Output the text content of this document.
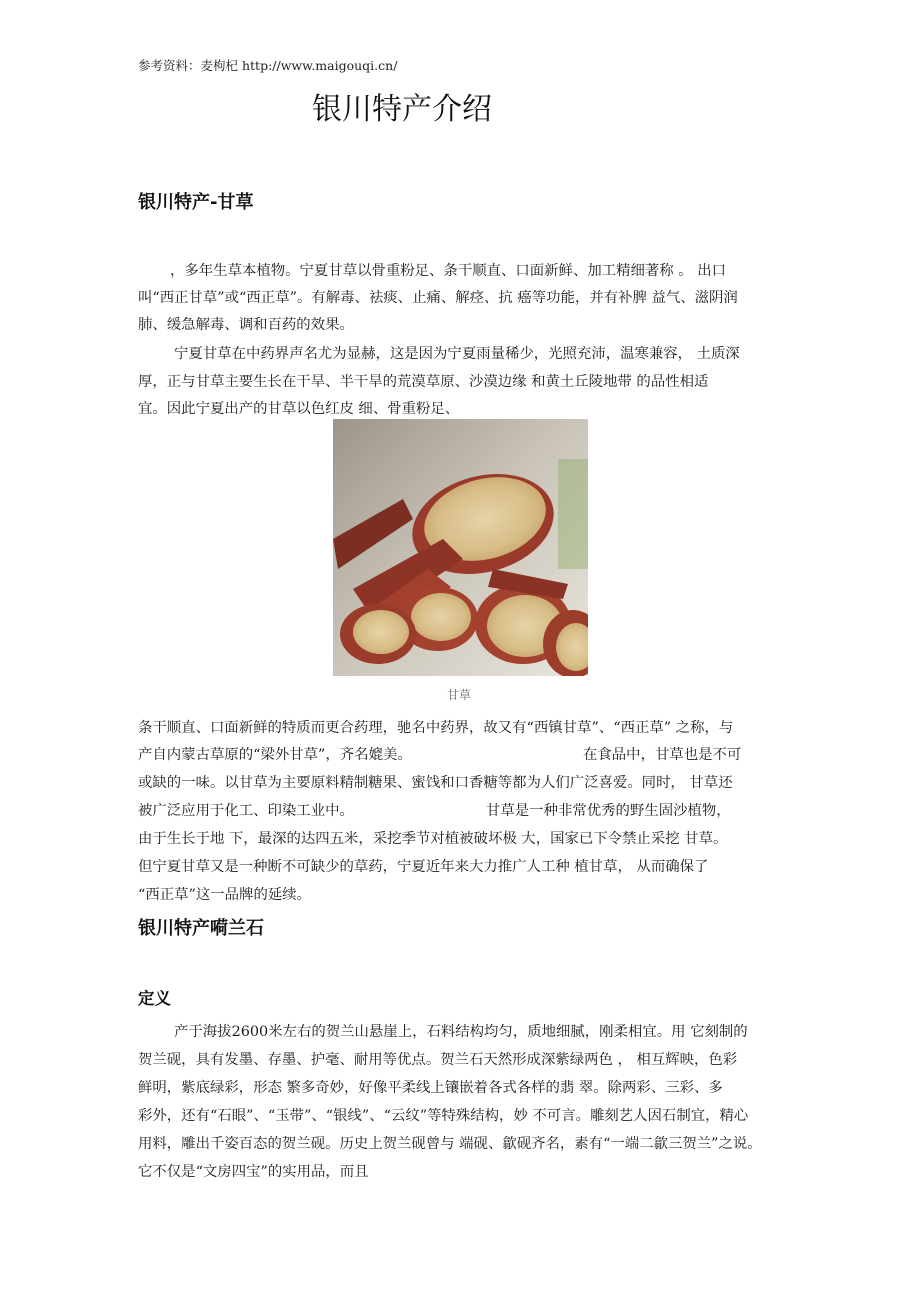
参考资料：麦枸杞 http://www.maigouqi.cn/
银川特产介绍
银川特产-甘草
，多年生草本植物。宁夏甘草以骨重粉足、条干顺直、口面新鲜、加工精细著称 。 出口
叫“西正甘草”或“西正草”。有解毒、祛痰、止痛、解痉、抗 癌等功能，并有补脾 益气、滋阴润
肺、缓急解毒、调和百药的效果。
宁夏甘草在中药界声名尤为显赫，这是因为宁夏雨量稀少，光照充沛，温寒兼容， 土质深
厚，正与甘草主要生长在干旱、半干旱的荒漠草原、沙漠边缘 和黄土丘陵地带 的品性相适
宜。因此宁夏出产的甘草以色红皮 细、骨重粉足、
甘草
条干顺直、口面新鲜的特质而更合药理，驰名中药界，故又有“西镇甘草”、“西正草” 之称，与
产自内蒙古草原的“梁外甘草”，齐名媲美。	在食品中，甘草也是不可
或缺的一味。以甘草为主要原料精制糖果、蜜饯和口香糖等都为人们广泛喜爱。同时， 甘草还
被广泛应用于化工、印染工业中。	甘草是一种非常优秀的野生固沙植物，
由于生长于地 下，最深的达四五米，采挖季节对植被破坏极 大，国家已下令禁止采挖 甘草。
但宁夏甘草又是一种断不可缺少的草药，宁夏近年来大力推广人工种 植甘草， 从而确保了
“西正草”这一品牌的延续。
银川特产嗬兰石
定义
产于海拔2600米左右的贺兰山悬崖上，石料结构均匀，质地细腻，刚柔相宜。用 它刻制的
贺兰砚，具有发墨、存墨、护毫、耐用等优点。贺兰石天然形成深紫绿两色 ， 相互辉映，色彩
鲜明，紫底绿彩，形态 繁多奇妙，好像平柔线上镶嵌着各式各样的翡 翠。除两彩、三彩、多
彩外，还有“石眼”、“玉带”、“银线”、“云纹”等特殊结构，妙 不可言。雕刻艺人因石制宜，精心
用料，雕出千姿百态的贺兰砚。历史上贺兰砚曾与 端砚、歙砚齐名，素有“一端二歙三贺兰”之说。
它不仅是“文房四宝”的实用品，而且
